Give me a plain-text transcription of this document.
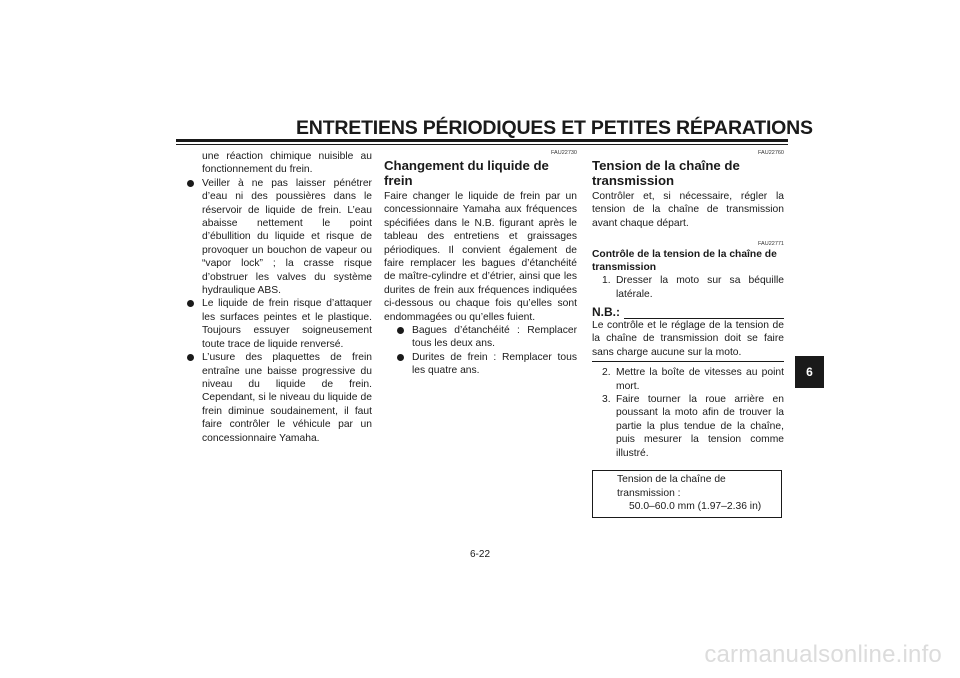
ENTRETIENS PÉRIODIQUES ET PETITES RÉPARATIONS

une réaction chimique nuisible au fonctionnement du frein.

Veiller à ne pas laisser pénétrer d’eau ni des poussières dans le réservoir de liquide de frein. L’eau abaisse nettement le point d’ébullition du liquide et risque de provoquer un bouchon de vapeur ou “vapor lock” ; la crasse risque d’obstruer les valves du système hydraulique ABS.
Le liquide de frein risque d’attaquer les surfaces peintes et le plastique. Toujours essuyer soigneusement toute trace de liquide renversé.
L’usure des plaquettes de frein entraîne une baisse progressive du niveau du liquide de frein. Cependant, si le niveau du liquide de frein diminue soudainement, il faut faire contrôler le véhicule par un concessionnaire Yamaha.
FAU22730
Changement du liquide de frein

Faire changer le liquide de frein par un concessionnaire Yamaha aux fréquences spécifiées dans le N.B. figurant après le tableau des entretiens et graissages périodiques. Il convient également de faire remplacer les bagues d’étanchéité de maître-cylindre et d’étrier, ainsi que les durites de frein aux fréquences indiquées ci-dessous ou chaque fois qu’elles sont endommagées ou qu’elles fuient.

Bagues d’étanchéité : Remplacer tous les deux ans.
Durites de frein : Remplacer tous les quatre ans.
FAU22760
Tension de la chaîne de transmission

Contrôler et, si nécessaire, régler la tension de la chaîne de transmission avant chaque départ.

FAU22771
Contrôle de la tension de la chaîne de transmission
1. Dresser la moto sur sa béquille latérale.
N.B.:

Le contrôle et le réglage de la tension de la chaîne de transmission doit se faire sans charge aucune sur la moto.

2. Mettre la boîte de vitesses au point mort.
3. Faire tourner la roue arrière en poussant la moto afin de trouver la partie la plus tendue de la chaîne, puis mesurer la tension comme illustré.

Tension de la chaîne de transmission :

50.0–60.0 mm (1.97–2.36 in)

6
6-22
carmanualsonline.info
